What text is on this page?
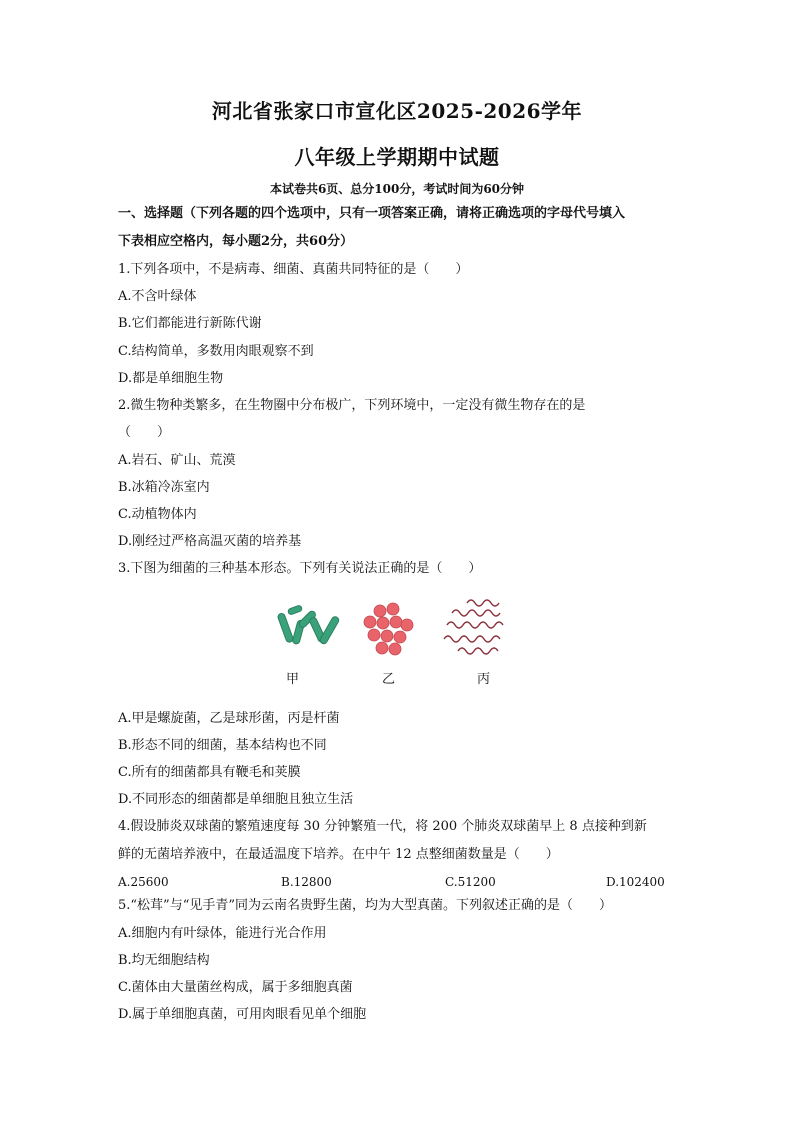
河北省张家口市宣化区2025-2026学年
八年级上学期期中试题
本试卷共6页、总分100分，考试时间为60分钟
一、选择题（下列各题的四个选项中，只有一项答案正确，请将正确选项的字母代号填入
下表相应空格内，每小题2分，共60分）
1.下列各项中，不是病毒、细菌、真菌共同特征的是（　　）
A.不含叶绿体
B.它们都能进行新陈代谢
C.结构简单，多数用肉眼观察不到
D.都是单细胞生物
2.微生物种类繁多，在生物圈中分布极广，下列环境中，一定没有微生物存在的是
（　　）
A.岩石、矿山、荒漠
B.冰箱冷冻室内
C.动植物体内
D.刚经过严格高温灭菌的培养基
3.下图为细菌的三种基本形态。下列有关说法正确的是（　　）
甲	乙	丙
A.甲是螺旋菌，乙是球形菌，丙是杆菌
B.形态不同的细菌，基本结构也不同
C.所有的细菌都具有鞭毛和荚膜
D.不同形态的细菌都是单细胞且独立生活
4.假设肺炎双球菌的繁殖速度每 30 分钟繁殖一代，将 200 个肺炎双球菌早上 8 点接种到新
鲜的无菌培养液中，在最适温度下培养。在中午 12 点整细菌数量是（　　）
A.25600	B.12800	C.51200	D.102400
5.“松茸”与“见手青”同为云南名贵野生菌，均为大型真菌。下列叙述正确的是（　　）
A.细胞内有叶绿体，能进行光合作用
B.均无细胞结构
C.菌体由大量菌丝构成，属于多细胞真菌
D.属于单细胞真菌，可用肉眼看见单个细胞
